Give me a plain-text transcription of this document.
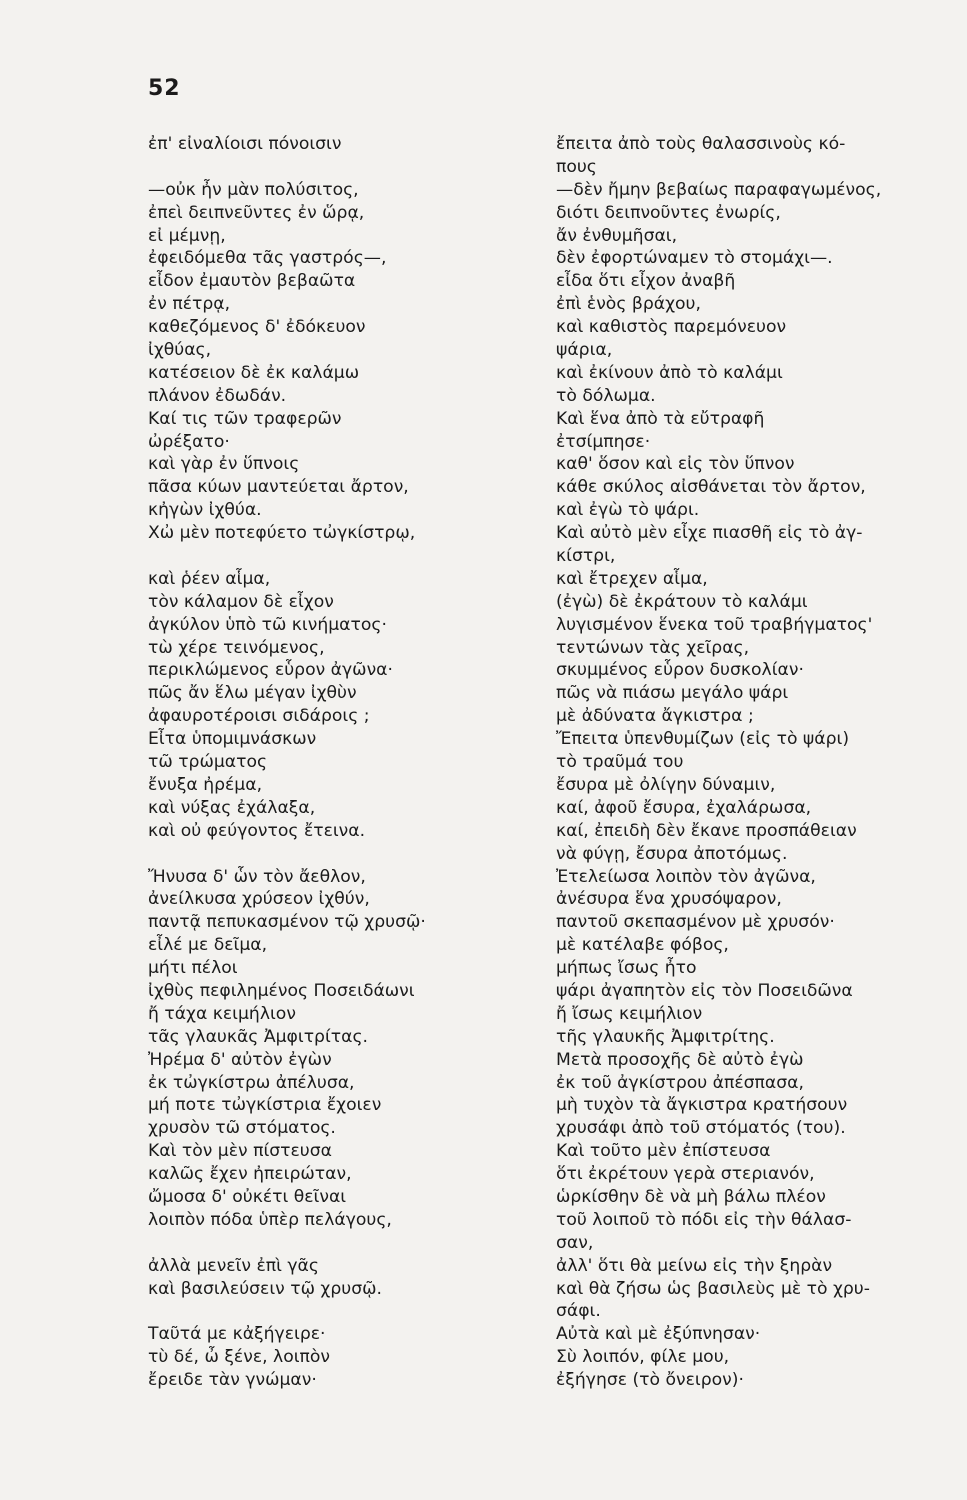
52
ἐπ' εἰναλίοισι πόνοισιν
—οὐκ ἦν μὰν πολύσιτος,
ἐπεὶ δειπνεῦντες ἐν ὥρᾳ,
εἰ μέμνῃ,
ἐφειδόμεθα τᾶς γαστρός—,
εἶδον ἐμαυτὸν βεβαῶτα
ἐν πέτρᾳ,
καθεζόμενος δ' ἐδόκευον
ἰχθύας,
κατέσειον δὲ ἐκ καλάμω
πλάνον ἐδωδάν.
Καί τις τῶν τραφερῶν
ὠρέξατο·
καὶ γὰρ ἐν ὕπνοις
πᾶσα κύων μαντεύεται ἄρτον,
κἠγὼν ἰχθύα.
Χὠ μὲν ποτεφύετο τὠγκίστρῳ,
καὶ ῥέεν αἷμα,
τὸν κάλαμον δὲ εἶχον
ἀγκύλον ὑπὸ τῶ κινήματος·
τὼ χέρε τεινόμενος,
περικλώμενος εὗρον ἀγῶνα·
πῶς ἄν ἕλω μέγαν ἰχθὺν
ἀφαυροτέροισι σιδάροις ;
Εἶτα ὑπομιμνάσκων
τῶ τρώματος
ἔνυξα ἠρέμα,
καὶ νύξας ἐχάλαξα,
καὶ οὐ φεύγοντος ἔτεινα.
Ἤνυσα δ' ὧν τὸν ἄεθλον,
ἀνείλκυσα χρύσεον ἰχθύν,
παντᾷ πεπυκασμένον τῷ χρυσῷ·
εἶλέ με δεῖμα,
μήτι πέλοι
ἰχθὺς πεφιλημένος Ποσειδάωνι
ἤ τάχα κειμήλιον
τᾶς γλαυκᾶς Ἀμφιτρίτας.
Ἠρέμα δ' αὐτὸν ἐγὼν
ἐκ τὠγκίστρω ἀπέλυσα,
μή ποτε τὠγκίστρια ἔχοιεν
χρυσὸν τῶ στόματος.
Καὶ τὸν μὲν πίστευσα
καλῶς ἔχεν ἠπειρώταν,
ὤμοσα δ' οὐκέτι θεῖναι
λοιπὸν πόδα ὑπὲρ πελάγους,
ἀλλὰ μενεῖν ἐπὶ γᾶς
καὶ βασιλεύσειν τῷ χρυσῷ.
Ταῦτά με κἀξήγειρε·
τὺ δέ, ὦ ξένε, λοιπὸν
ἔρειδε τὰν γνώμαν·
ἔπειτα ἀπὸ τοὺς θαλασσινοὺς κό-
πους
—δὲν ἤμην βεβαίως παραφαγωμένος,
διότι δειπνοῦντες ἐνωρίς,
ἄν ἐνθυμῆσαι,
δὲν ἐφορτώναμεν τὸ στομάχι—.
εἶδα ὅτι εἶχον ἀναβῆ
ἐπὶ ἑνὸς βράχου,
καὶ καθιστὸς παρεμόνευον
ψάρια,
καὶ ἐκίνουν ἀπὸ τὸ καλάμι
τὸ δόλωμα.
Καὶ ἕνα ἀπὸ τὰ εὔτραφῆ
ἐτσίμπησε·
καθ' ὅσον καὶ εἰς τὸν ὕπνον
κάθε σκύλος αἰσθάνεται τὸν ἄρτον,
καὶ ἐγὼ τὸ ψάρι.
Καὶ αὐτὸ μὲν εἶχε πιασθῆ εἰς τὸ ἀγ-
κίστρι,
καὶ ἔτρεχεν αἷμα,
(ἐγὼ) δὲ ἐκράτουν τὸ καλάμι
λυγισμένον ἕνεκα τοῦ τραβήγματος'
τεντώνων τὰς χεῖρας,
σκυμμένος εὗρον δυσκολίαν·
πῶς νὰ πιάσω μεγάλο ψάρι
μὲ ἀδύνατα ἄγκιστρα ;
Ἔπειτα ὑπενθυμίζων (εἰς τὸ ψάρι)
τὸ τραῦμά του
ἔσυρα μὲ ὀλίγην δύναμιν,
καί, ἀφοῦ ἔσυρα, ἐχαλάρωσα,
καί, ἐπειδὴ δὲν ἔκανε προσπάθειαν
νὰ φύγῃ, ἔσυρα ἀποτόμως.
Ἐτελείωσα λοιπὸν τὸν ἀγῶνα,
ἀνέσυρα ἕνα χρυσόψαρον,
παντοῦ σκεπασμένον μὲ χρυσόν·
μὲ κατέλαβε φόβος,
μήπως ἴσως ἦτο
ψάρι ἀγαπητὸν εἰς τὸν Ποσειδῶνα
ἤ ἴσως κειμήλιον
τῆς γλαυκῆς Ἀμφιτρίτης.
Μετὰ προσοχῆς δὲ αὐτὸ ἐγὼ
ἐκ τοῦ ἀγκίστρου ἀπέσπασα,
μὴ τυχὸν τὰ ἄγκιστρα κρατήσουν
χρυσάφι ἀπὸ τοῦ στόματός (του).
Καὶ τοῦτο μὲν ἐπίστευσα
ὅτι ἐκρέτουν γερὰ στεριανόν,
ὡρκίσθην δὲ νὰ μὴ βάλω πλέον
τοῦ λοιποῦ τὸ πόδι εἰς τὴν θάλασ-
σαν,
ἀλλ' ὅτι θὰ μείνω εἰς τὴν ξηρὰν
καὶ θὰ ζήσω ὡς βασιλεὺς μὲ τὸ χρυ-
σάφι.
Αὐτὰ καὶ μὲ ἐξύπνησαν·
Σὺ λοιπόν, φίλε μου,
ἐξήγησε (τὸ ὄνειρον)·
